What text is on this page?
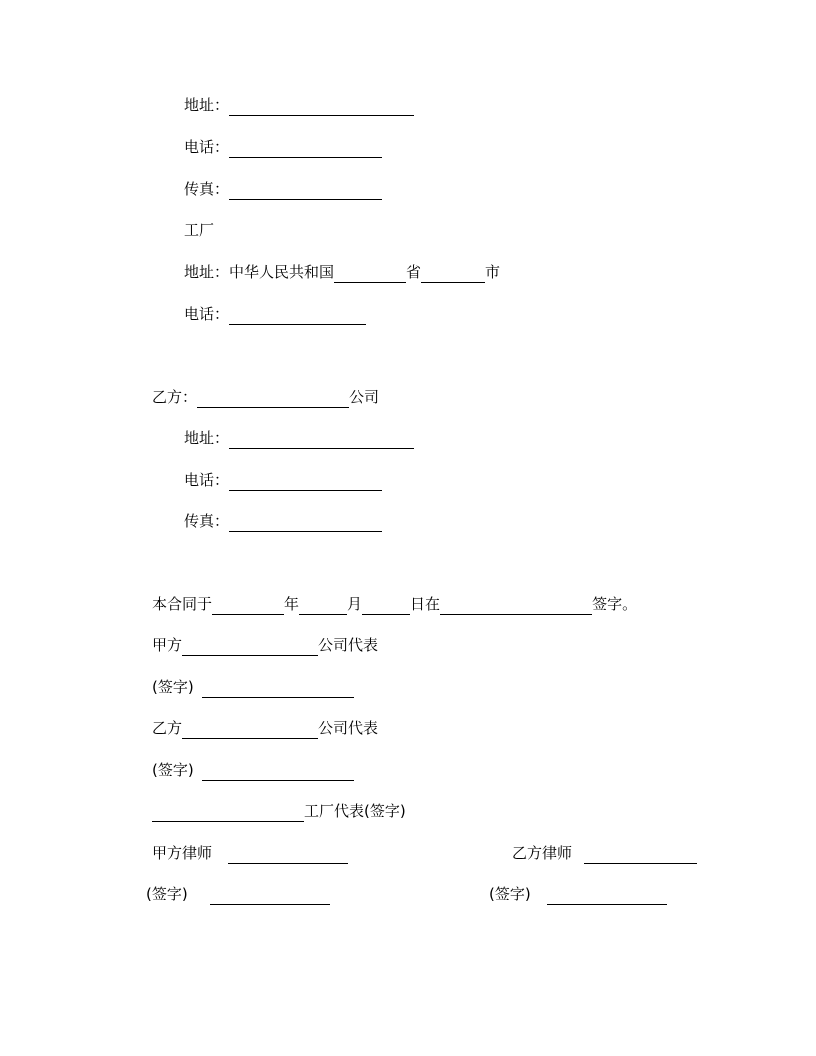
地址：
电话：
传真：
工厂
地址：中华人民共和国	省	市
电话：
乙方：	公司
地址：
电话：
传真：
本合同于	年	月	日在	签字。
甲方	公司代表
(签字)
乙方	公司代表
(签字)
工厂代表(签字)
甲方律师	乙方律师
(签字)	(签字)
